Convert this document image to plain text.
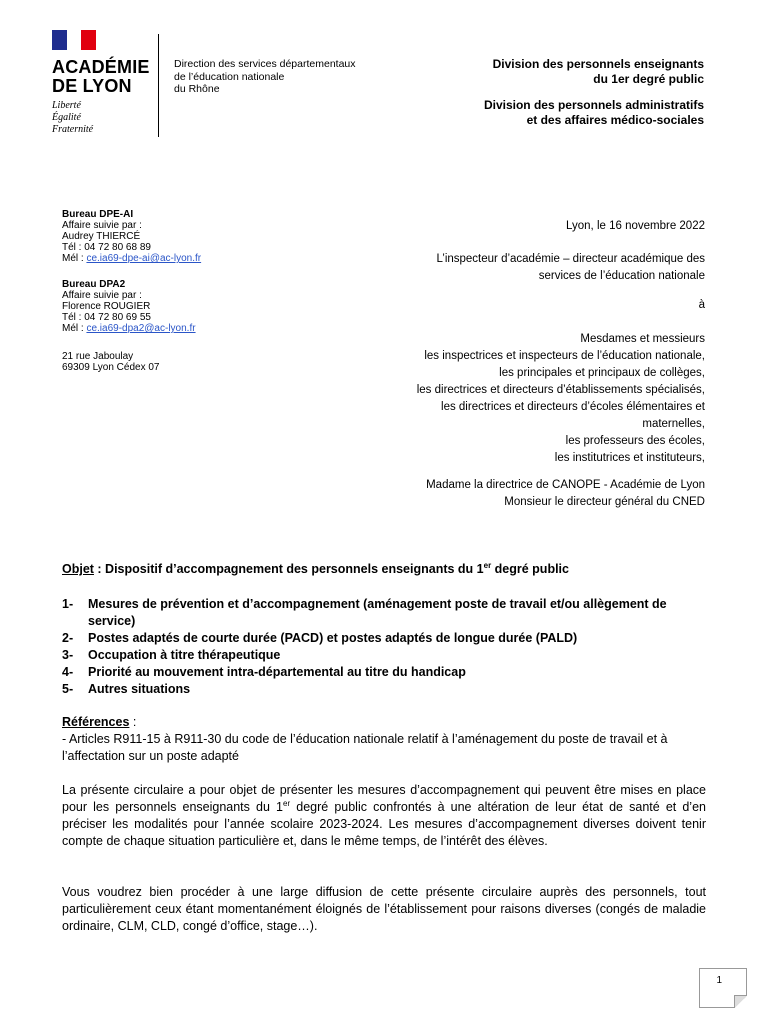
ACADÉMIE
DE LYON
Liberté
Égalité
Fraternité
Direction des services départementaux
de l’éducation nationale
du Rhône
Division des personnels enseignants
du 1er degré public
Division des personnels administratifs
et des affaires médico-sociales
Bureau DPE-AI
Affaire suivie par :
Audrey THIERCÉ
Tél : 04 72 80 68 89
Mél : ce.ia69-dpe-ai@ac-lyon.fr
Bureau DPA2
Affaire suivie par :
Florence ROUGIER
Tél : 04 72 80 69 55
Mél : ce.ia69-dpa2@ac-lyon.fr
21 rue Jaboulay
69309 Lyon Cédex 07
Lyon, le 16 novembre 2022
L’inspecteur d’académie – directeur académique des
services de l’éducation nationale
à
Mesdames et messieurs
les inspectrices et inspecteurs de l’éducation nationale,
les principales et principaux de collèges,
les directrices et directeurs d’établissements spécialisés,
les directrices et directeurs d’écoles élémentaires et
maternelles,
les professeurs des écoles,
les institutrices et instituteurs,
Madame la directrice de CANOPE - Académie de Lyon
Monsieur le directeur général du CNED
Objet : Dispositif d’accompagnement des personnels enseignants du 1er degré public
1-	Mesures de prévention et d’accompagnement (aménagement poste de travail et/ou allègement de service)
2-	Postes adaptés de courte durée (PACD) et postes adaptés de longue durée (PALD)
3-	Occupation à titre thérapeutique
4-	Priorité au mouvement intra-départemental au titre du handicap
5-	Autres situations
Références :
- Articles R911-15 à R911-30 du code de l’éducation nationale relatif à l’aménagement du poste de travail et à l’affectation sur un poste adapté
La présente circulaire a pour objet de présenter les mesures d’accompagnement qui peuvent être mises en place pour les personnels enseignants du 1er degré public confrontés à une altération de leur état de santé et d’en préciser les modalités pour l’année scolaire 2023-2024. Les mesures d’accompagnement diverses doivent tenir compte de chaque situation particulière et, dans le même temps, de l’intérêt des élèves.
Vous voudrez bien procéder à une large diffusion de cette présente circulaire auprès des personnels, tout particulièrement ceux étant momentanément éloignés de l’établissement pour raisons diverses (congés de maladie ordinaire, CLM, CLD, congé d’office, stage…).
1
